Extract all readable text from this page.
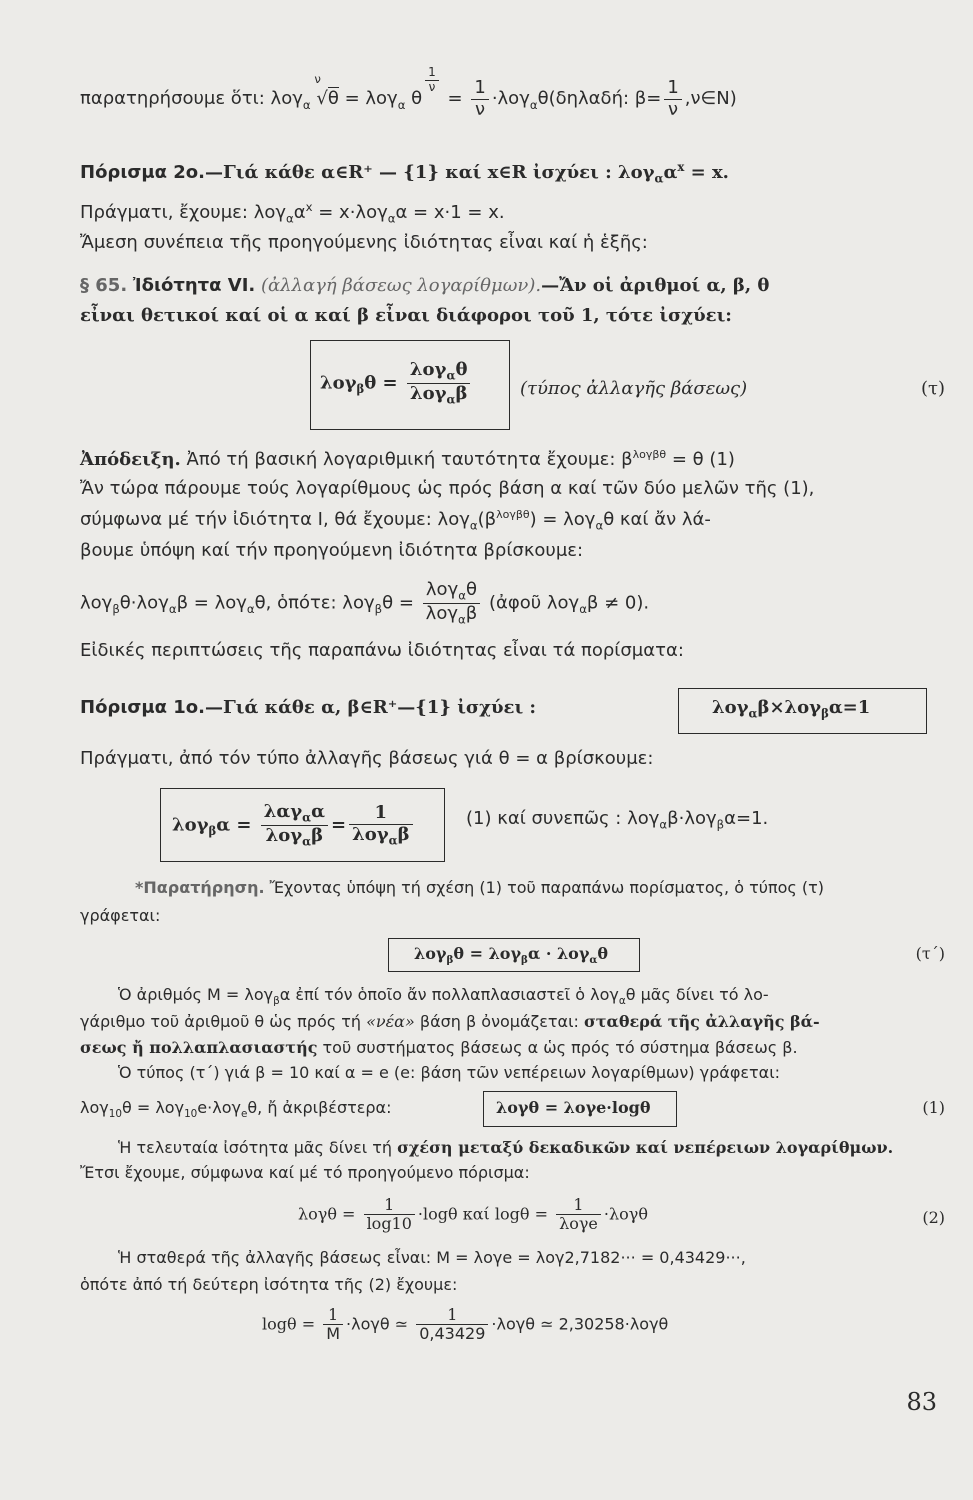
παρατηρήσουμε ὅτι: λογ$_\alpha$
ν
√θ = λογ$_\alpha$ θ
$\frac{1}{\nu}$
= $\frac{1}{\nu} \cdot\lambda o\gamma_\alpha\theta(\delta\eta\lambda\alpha\delta ή$: $\beta= \frac{1}{\nu}$ ,ν∈N)
Πόρισμα 2ο.—Γιά κάθε α∈R⁺ — {1} καί x∈R ἰσχύει : $\lambda o\gamma_\alpha\alpha^x = x$.
Πράγματι, ἔχουμε: $\lambda o\gamma_\alpha\alpha^x = x\cdot\lambda o\gamma_\alpha\alpha = x\cdot 1 = x$.
Ἄμεση συνέπεια τῆς προηγούμενης ἰδιότητας εἶναι καί ἡ ἑξῆς:
§ 65. Ἰδιότητα VI. (ἀλλαγή βάσεως λογαρίθμων).—Ἄν οἱ ἀριθμοί α, β, θ
εἶναι θετικοί καί οἱ α καί β εἶναι διάφοροι τοῦ 1, τότε ἰσχύει:
$\lambda o\gamma_\beta\theta = \frac{\lambda o\gamma_\alpha\theta}{\lambda o\gamma_\alpha\beta}$	(τύπος ἀλλαγῆς βάσεως)	(τ)
Ἀπόδειξη. Ἀπό τή βασική λογαριθμική ταυτότητα ἔχουμε: $\beta^{\lambda o\gamma\beta\theta} = \theta$ (1)
Ἄν τώρα πάρουμε τούς λογαρίθμους ὡς πρός βάση α καί τῶν δύο μελῶν τῆς (1),
σύμφωνα μέ τήν ἰδιότητα Ι, θά ἔχουμε: $\lambda o\gamma_\alpha(\beta^{\lambda o\gamma\beta\theta}) = \lambda o\gamma_\alpha\theta$ καί ἄν λά-
βουμε ὑπόψη καί τήν προηγούμενη ἰδιότητα βρίσκουμε:
λογ$_\beta$θ·λογ$_\alpha$β = λογ$_\alpha$θ, ὁπότε: $\lambda o\gamma_\beta\theta = \frac{\lambda o\gamma_\alpha\theta}{\lambda o\gamma_\alpha\beta}$ (ἀφοῦ λογ$_\alpha$β ≠ 0).
Εἰδικές περιπτώσεις τῆς παραπάνω ἰδιότητας εἶναι τά πορίσματα:
Πόρισμα 1ο.—Γιά κάθε α, β∈R⁺—{1} ἰσχύει :	λογ$_\alpha$β×λογ$_\beta$α=1
Πράγματι, ἀπό τόν τύπο ἀλλαγῆς βάσεως γιά θ = α βρίσκουμε:
$\lambda o\gamma_\beta\alpha = \frac{\lambda\alpha\gamma_\alpha\alpha}{\lambda o\gamma_\alpha\beta} = \frac{1}{\lambda o\gamma_\alpha\beta}$	(1) καί συνεπῶς : λογ$_\alpha$β·λογ$_\beta$α=1.
*Παρατήρηση. Ἔχοντας ὑπόψη τή σχέση (1) τοῦ παραπάνω πορίσματος, ὁ τύπος (τ)
γράφεται:
λογ$_\beta$θ = λογ$_\beta$α · λογ$_\alpha$θ	(τ΄)
Ὁ ἀριθμός Μ = λογ$_\beta$α ἐπί τόν ὁποῖο ἄν πολλαπλασιαστεῖ ὁ λογ$_\alpha$θ μᾶς δίνει τό λο-
γάριθμο τοῦ ἀριθμοῦ θ ὡς πρός τή «νέα» βάση β ὀνομάζεται: σταθερά τῆς ἀλλαγῆς βά-
σεως ἤ πολλαπλασιαστής τοῦ συστήματος βάσεως α ὡς πρός τό σύστημα βάσεως β.
Ὁ τύπος (τ΄) γιά β = 10 καί α = e (e: βάση τῶν νεπέρειων λογαρίθμων) γράφεται:
λογ$_{10}$θ = λογ$_{10}$e·λογ$_e$θ, ἤ ἀκριβέστερα:	λογθ = λογe·logθ	(1)
Ἡ τελευταία ἰσότητα μᾶς δίνει τή σχέση μεταξύ δεκαδικῶν καί νεπέρειων λογαρίθμων.
Ἔτσι ἔχουμε, σύμφωνα καί μέ τό προηγούμενο πόρισμα:
$\lambda o\gamma\theta = \frac{1}{\log 10} \cdot\log\theta$ καί $\log\theta = \frac{1}{\text{λογe}} \cdot\lambda o\gamma\theta$	(2)
Ἡ σταθερά τῆς ἀλλαγῆς βάσεως εἶναι: M = λογe = λογ2,7182··· = 0,43429···,
ὁπότε ἀπό τή δεύτερη ἰσότητα τῆς (2) ἔχουμε:
$\log\theta = \frac{1}{M} \cdot\lambda o\gamma\theta$ ≃ $\frac{1}{0,43429} \cdot\lambda o\gamma\theta$ ≃ 2,30258·λογθ
83
